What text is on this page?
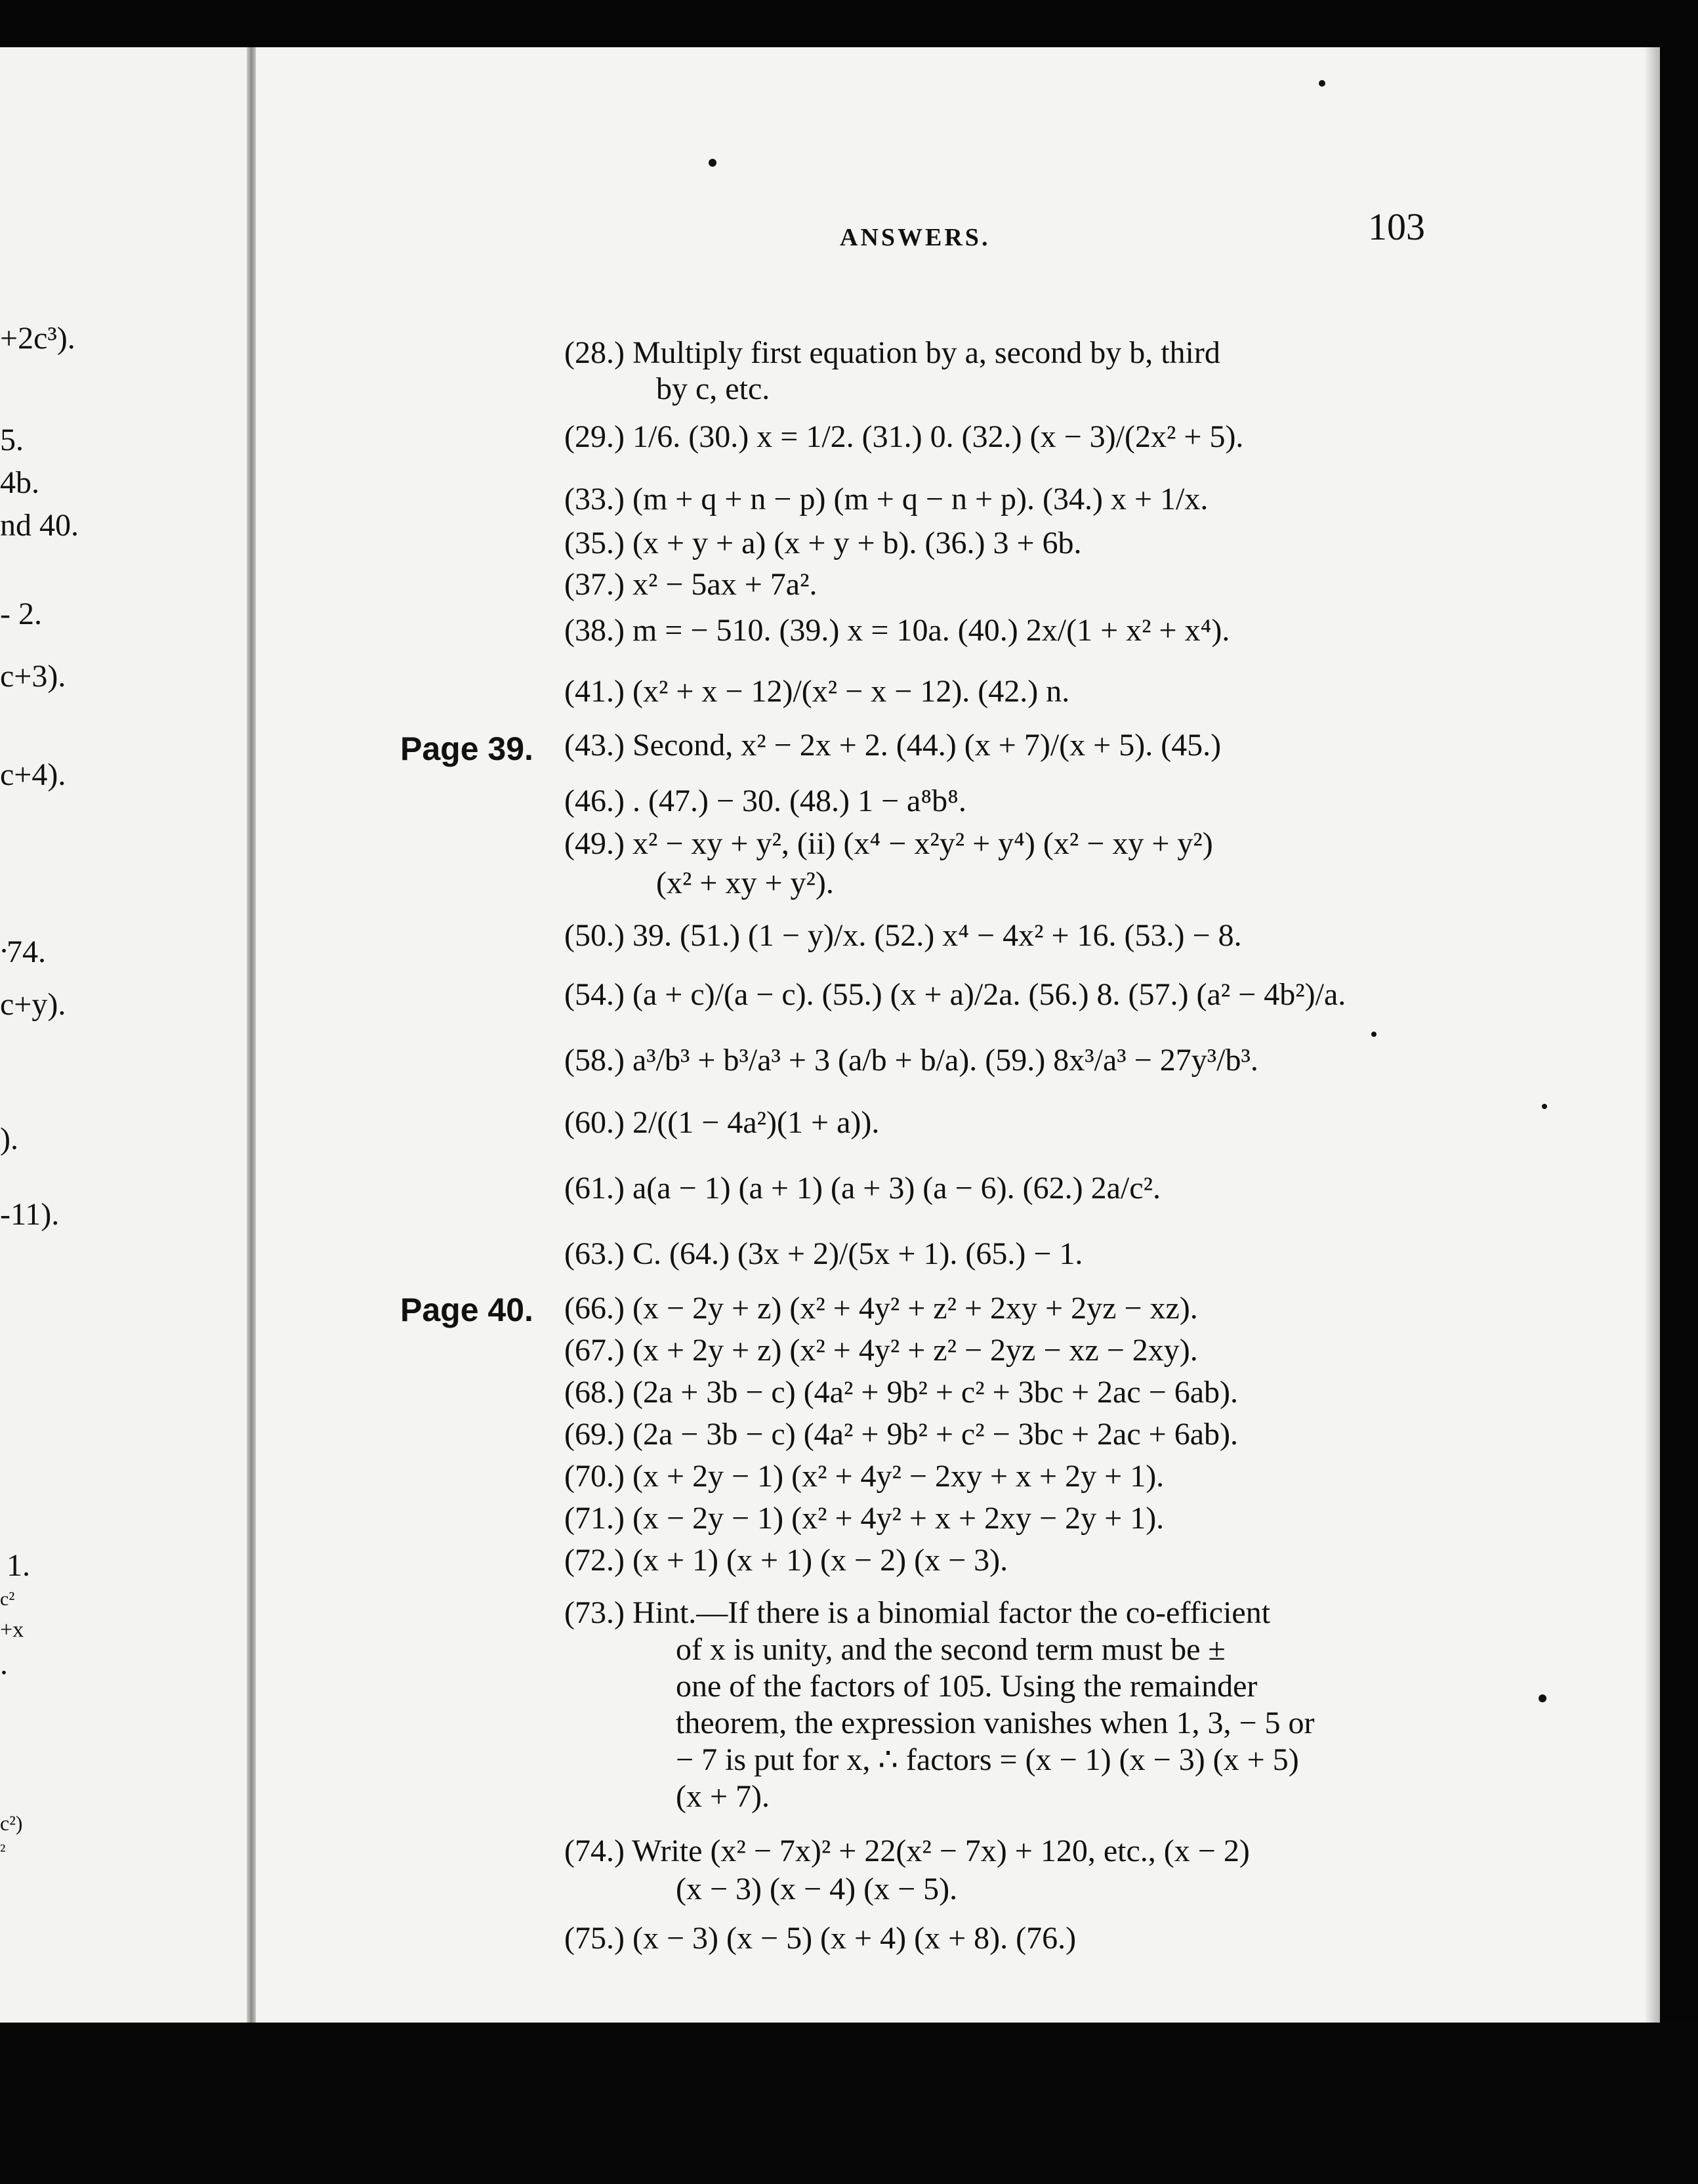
+2c³).
5.
4b.
nd 40.
- 2.
c+3).
c+4).
.
74.
c+y).
).
-11).
1.
c²
+x
.
c²)
²
ANSWERS.	103
Page 39.
Page 40.
(28.) Multiply first equation by a, second by b, third
by c, etc.
(29.) 1/6. (30.) x = 1/2. (31.) 0. (32.) (x − 3)/(2x² + 5).
(33.) (m + q + n − p) (m + q − n + p). (34.) x + 1/x.
(35.) (x + y + a) (x + y + b). (36.) 3 + 6b.
(37.) x² − 5ax + 7a².
(38.) m = − 510. (39.) x = 10a. (40.) 2x/(1 + x² + x⁴).
(41.) (x² + x − 12)/(x² − x − 12). (42.) n.
(43.) Second, x² − 2x + 2. (44.) (x + 7)/(x + 5). (45.)
(46.) . (47.) − 30. (48.) 1 − a⁸b⁸.
(49.) x² − xy + y², (ii) (x⁴ − x²y² + y⁴) (x² − xy + y²)
(x² + xy + y²).
(50.) 39. (51.) (1 − y)/x. (52.) x⁴ − 4x² + 16. (53.) − 8.
(54.) (a + c)/(a − c). (55.) (x + a)/2a. (56.) 8. (57.) (a² − 4b²)/a.
(58.) a³/b³ + b³/a³ + 3 (a/b + b/a). (59.) 8x³/a³ − 27y³/b³.
(60.) 2/((1 − 4a²)(1 + a)).
(61.) a(a − 1) (a + 1) (a + 3) (a − 6). (62.) 2a/c².
(63.) C. (64.) (3x + 2)/(5x + 1). (65.) − 1.
(66.) (x − 2y + z) (x² + 4y² + z² + 2xy + 2yz − xz).
(67.) (x + 2y + z) (x² + 4y² + z² − 2yz − xz − 2xy).
(68.) (2a + 3b − c) (4a² + 9b² + c² + 3bc + 2ac − 6ab).
(69.) (2a − 3b − c) (4a² + 9b² + c² − 3bc + 2ac + 6ab).
(70.) (x + 2y − 1) (x² + 4y² − 2xy + x + 2y + 1).
(71.) (x − 2y − 1) (x² + 4y² + x + 2xy − 2y + 1).
(72.) (x + 1) (x + 1) (x − 2) (x − 3).
(73.) Hint.—If there is a binomial factor the co-efficient
of x is unity, and the second term must be ±
one of the factors of 105. Using the remainder
theorem, the expression vanishes when 1, 3, − 5 or
− 7 is put for x, ∴ factors = (x − 1) (x − 3) (x + 5)
(x + 7).
(74.) Write (x² − 7x)² + 22(x² − 7x) + 120, etc., (x − 2)
(x − 3) (x − 4) (x − 5).
(75.) (x − 3) (x − 5) (x + 4) (x + 8). (76.)
